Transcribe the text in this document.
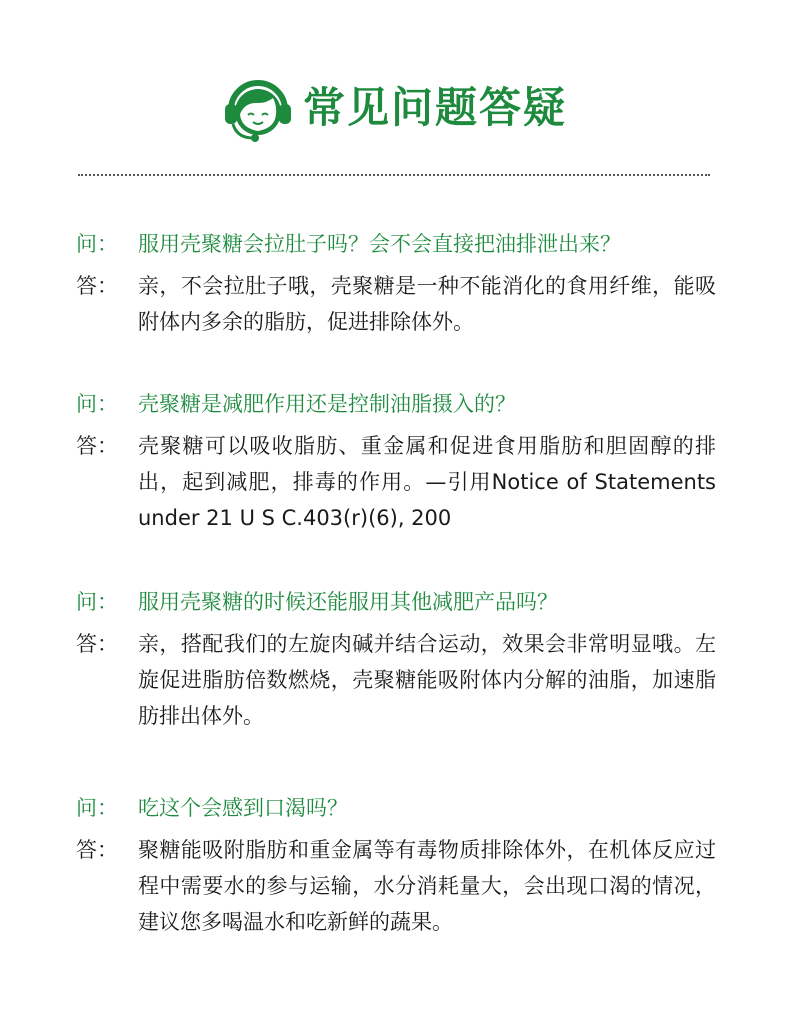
常见问题答疑
问： 服用壳聚糖会拉肚子吗？会不会直接把油排泄出来？
答： 亲，不会拉肚子哦，壳聚糖是一种不能消化的食用纤维，能吸附体内多余的脂肪，促进排除体外。
问： 壳聚糖是减肥作用还是控制油脂摄入的？
答： 壳聚糖可以吸收脂肪、重金属和促进食用脂肪和胆固醇的排出，起到减肥，排毒的作用。—引用Notice of Statements under 21 U S C.403(r)(6), 200
问： 服用壳聚糖的时候还能服用其他减肥产品吗？
答： 亲，搭配我们的左旋肉碱并结合运动，效果会非常明显哦。左旋促进脂肪倍数燃烧，壳聚糖能吸附体内分解的油脂，加速脂肪排出体外。
问： 吃这个会感到口渴吗？
答： 聚糖能吸附脂肪和重金属等有毒物质排除体外，在机体反应过程中需要水的参与运输，水分消耗量大，会出现口渴的情况，建议您多喝温水和吃新鲜的蔬果。
